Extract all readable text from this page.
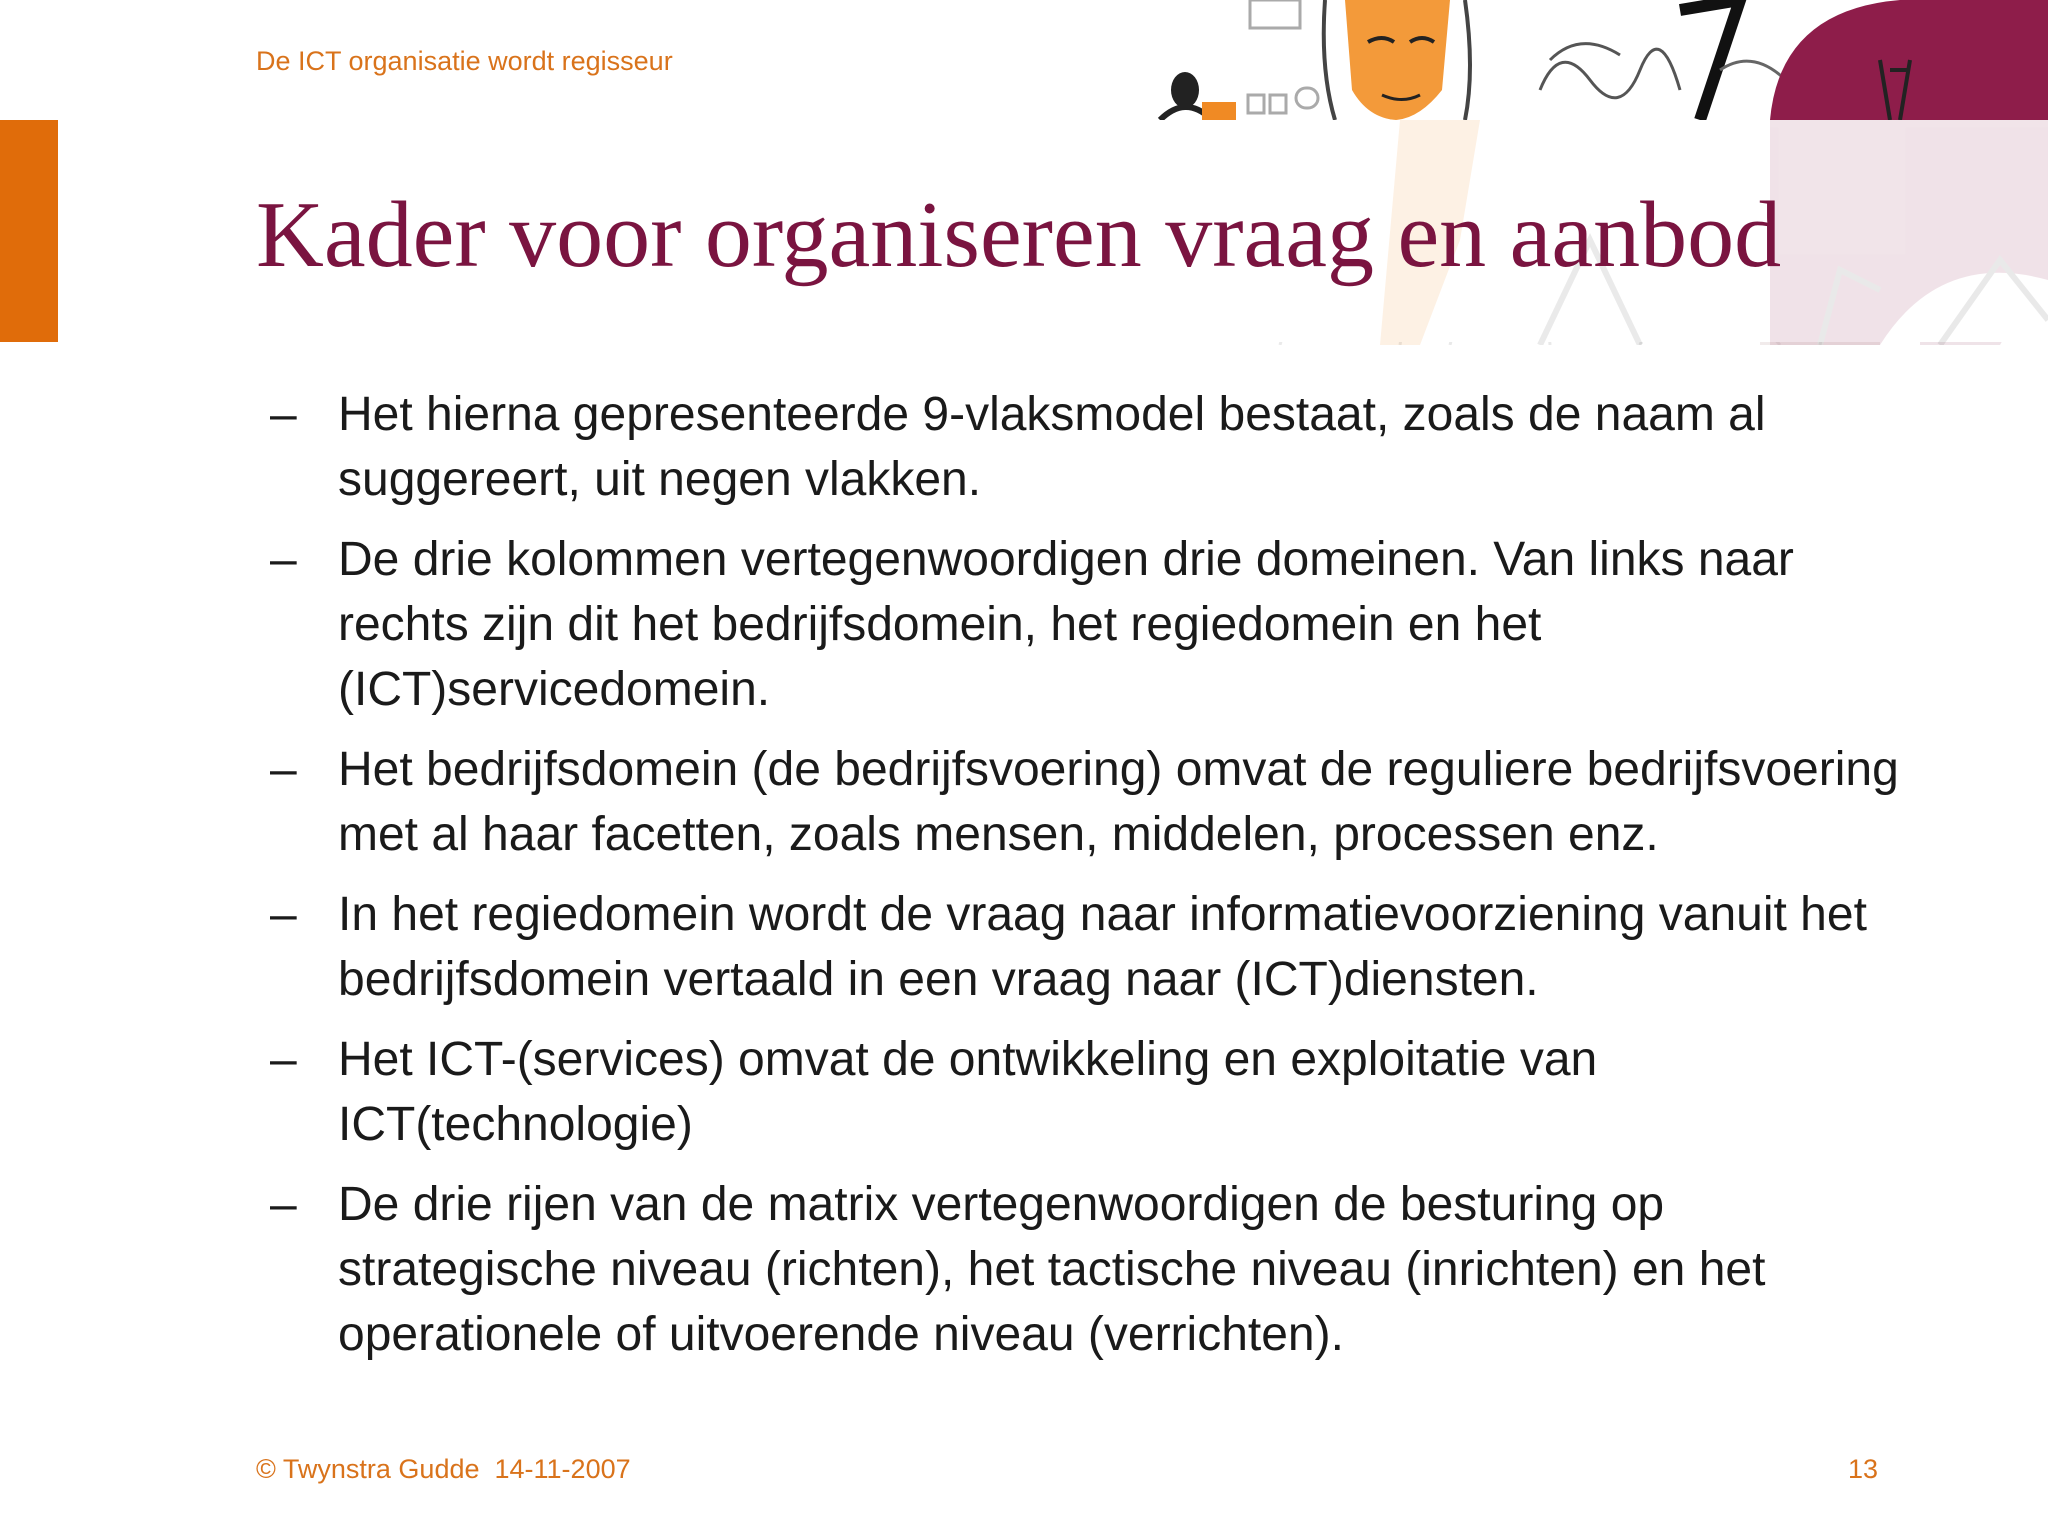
De ICT organisatie wordt regisseur
Kader voor organiseren vraag en aanbod
– Het hierna gepresenteerde 9-vlaksmodel bestaat, zoals de naam al suggereert, uit negen vlakken.
– De drie kolommen vertegenwoordigen drie domeinen. Van links naar rechts zijn dit het bedrijfsdomein, het regiedomein en het (ICT)servicedomein.
– Het bedrijfsdomein (de bedrijfsvoering) omvat de reguliere bedrijfsvoering met al haar facetten, zoals mensen, middelen, processen enz.
– In het regiedomein wordt de vraag naar informatievoorziening vanuit het bedrijfsdomein vertaald in een vraag naar (ICT)diensten.
– Het ICT-(services) omvat de ontwikkeling en exploitatie van ICT(technologie)
– De drie rijen van de matrix vertegenwoordigen de besturing op strategische niveau (richten), het tactische niveau (inrichten) en het operationele of uitvoerende niveau (verrichten).
© Twynstra Gudde  14-11-2007	13
